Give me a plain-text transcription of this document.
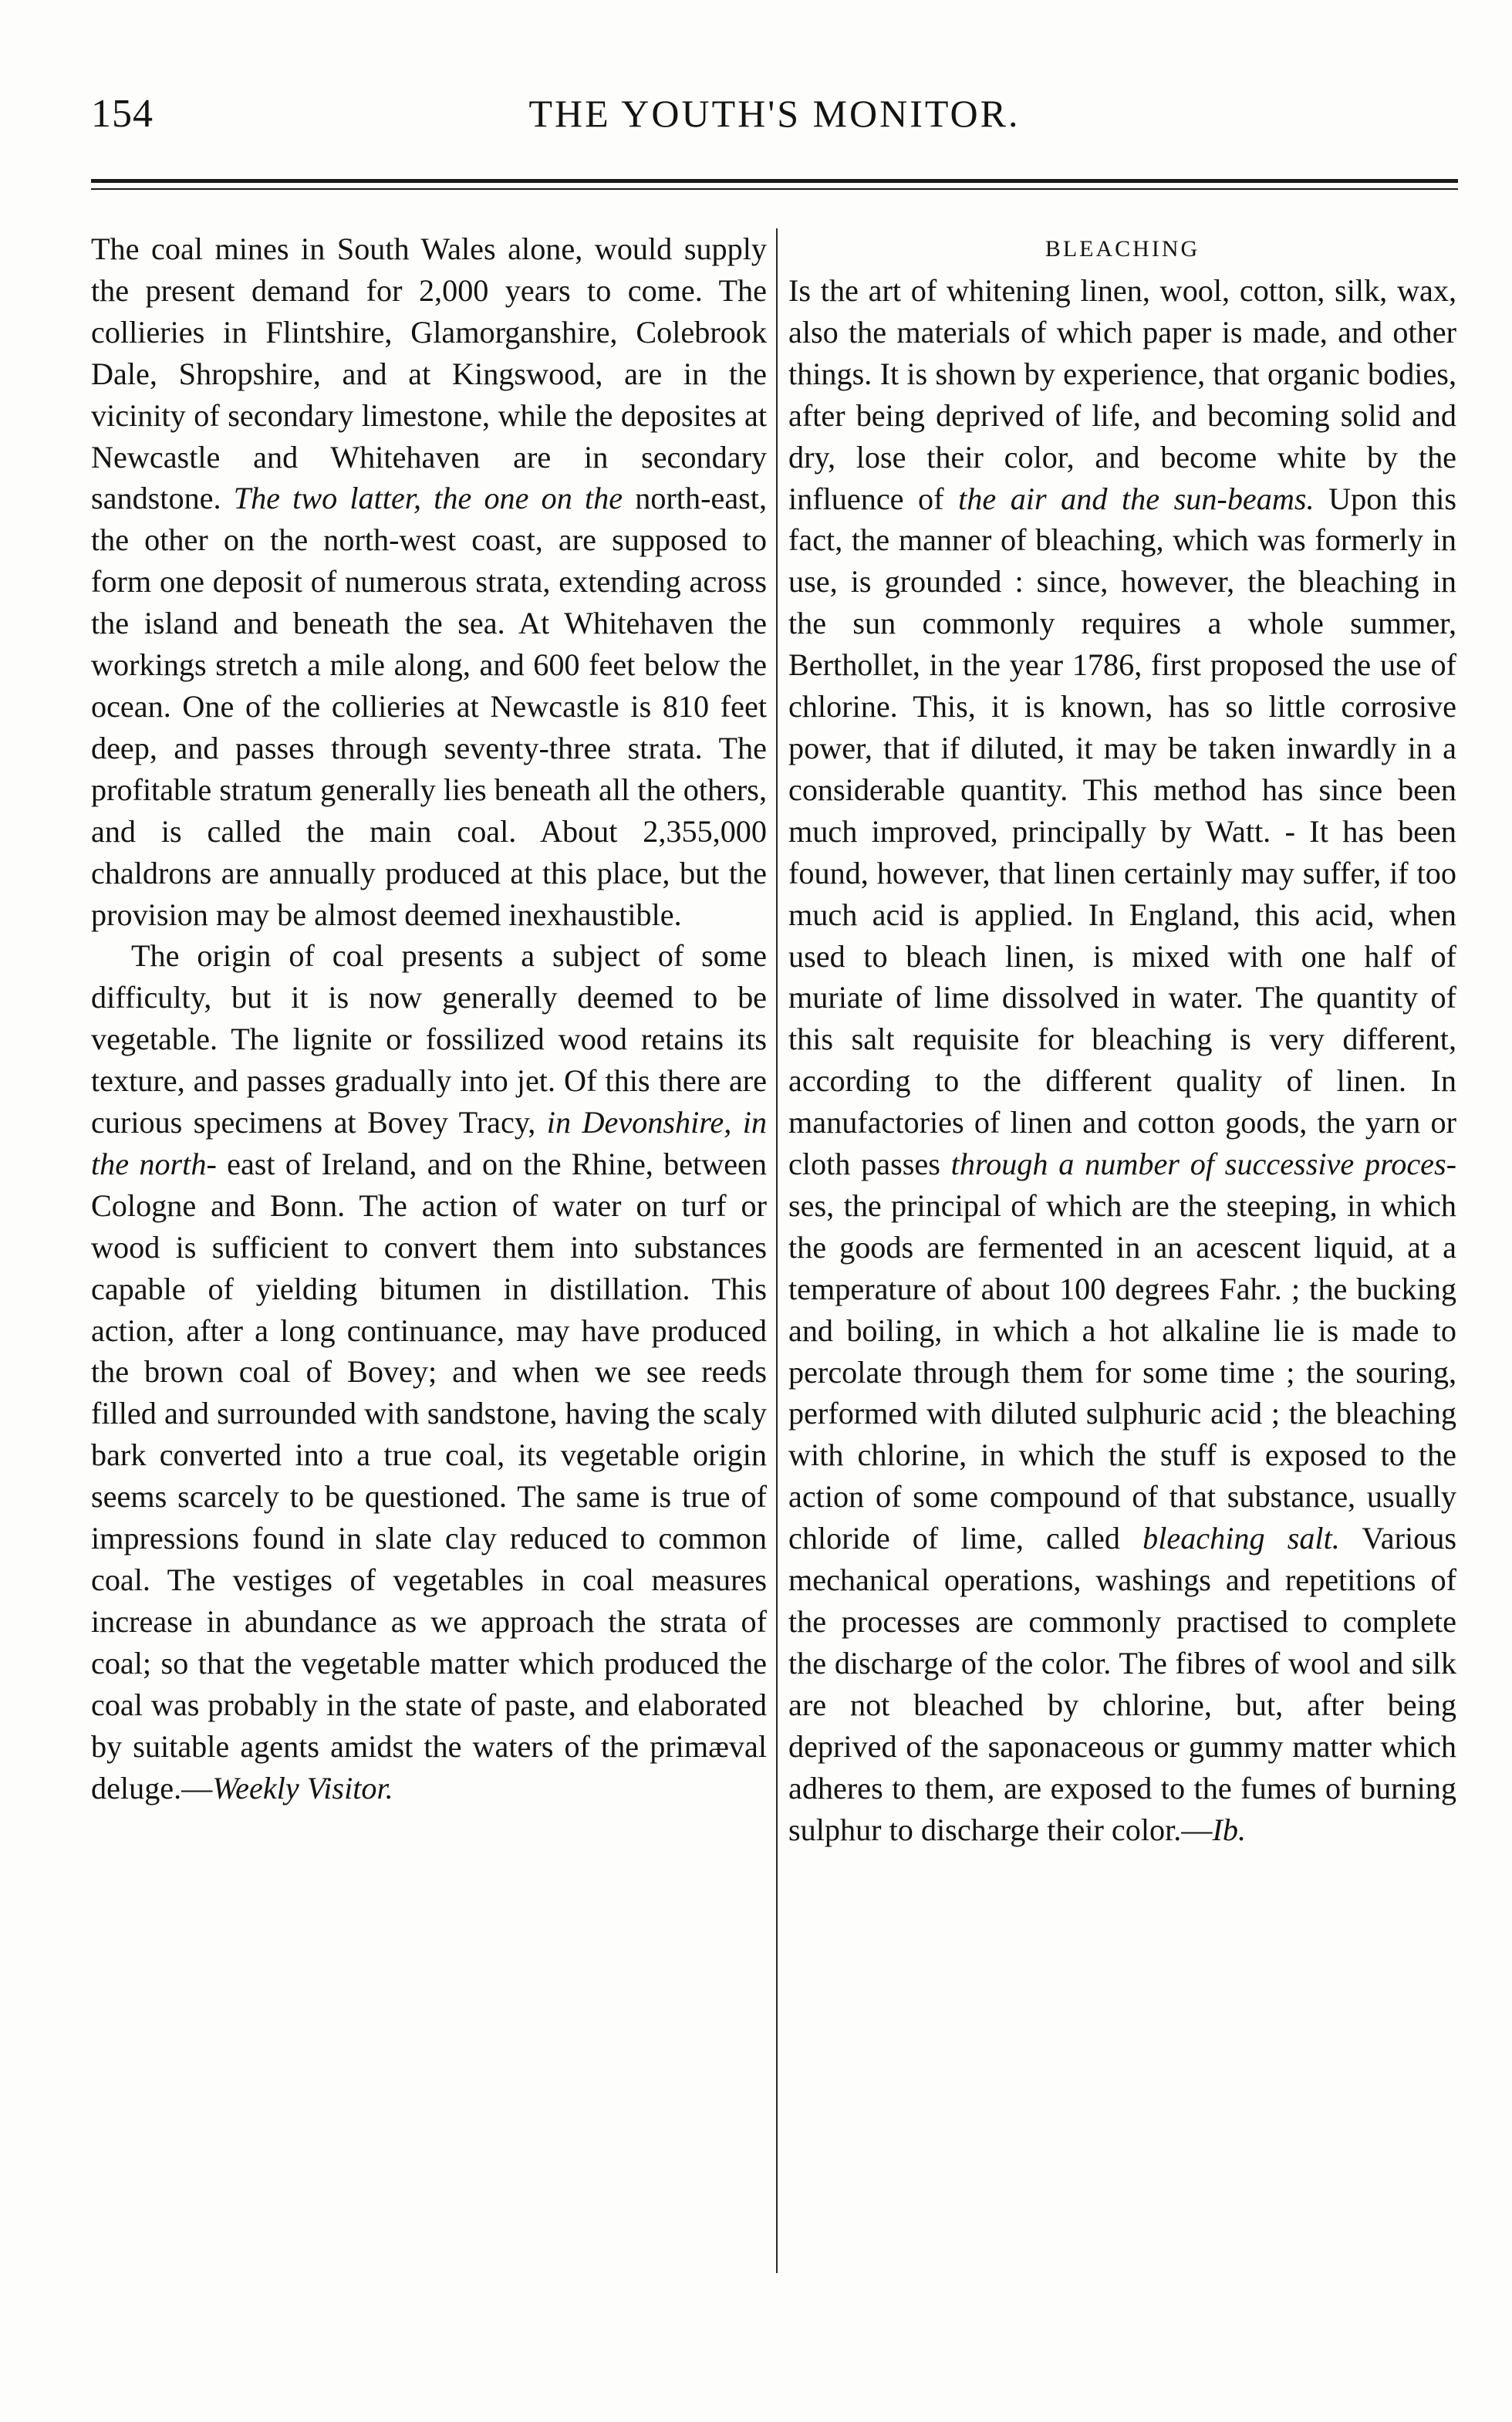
154	THE YOUTH'S MONITOR.

The coal mines in South Wales alone, would supply the present demand for 2,000 years to come. The collieries in Flintshire, Glamorganshire, Colebrook Dale, Shropshire, and at Kingswood, are in the vicinity of secondary limestone, while the deposites at Newcastle and Whitehaven are in secondary sandstone. The two latter, the one on the north-east, the other on the north-west coast, are supposed to form one deposit of numerous strata, extending across the island and beneath the sea. At Whitehaven the workings stretch a mile along, and 600 feet below the ocean. One of the collieries at Newcastle is 810 feet deep, and passes through seventy-three strata. The profitable stratum generally lies beneath all the others, and is called the main coal. About 2,355,000 chaldrons are annually produced at this place, but the provision may be almost deemed inexhaustible.

The origin of coal presents a subject of some difficulty, but it is now generally deemed to be vegetable. The lignite or fossilized wood retains its texture, and passes gradually into jet. Of this there are curious specimens at Bovey Tracy, in Devonshire, in the north- east of Ireland, and on the Rhine, between Cologne and Bonn. The action of water on turf or wood is sufficient to convert them into substances capable of yielding bitumen in distillation. This action, after a long continuance, may have produced the brown coal of Bovey; and when we see reeds filled and surrounded with sandstone, having the scaly bark converted into a true coal, its vegetable origin seems scarcely to be questioned. The same is true of impressions found in slate clay reduced to common coal. The vestiges of vegetables in coal measures increase in abundance as we approach the strata of coal; so that the vegetable matter which produced the coal was probably in the state of paste, and elaborated by suitable agents amidst the waters of the primæval deluge.—Weekly Visitor.

BLEACHING

Is the art of whitening linen, wool, cotton, silk, wax, also the materials of which paper is made, and other things. It is shown by experience, that organic bodies, after being deprived of life, and becoming solid and dry, lose their color, and become white by the influence of the air and the sun-beams. Upon this fact, the manner of bleaching, which was formerly in use, is grounded : since, however, the bleaching in the sun commonly requires a whole summer, Berthollet, in the year 1786, first proposed the use of chlorine. This, it is known, has so little corrosive power, that if diluted, it may be taken inwardly in a considerable quantity. This method has since been much improved, principally by Watt. - It has been found, however, that linen certainly may suffer, if too much acid is applied. In England, this acid, when used to bleach linen, is mixed with one half of muriate of lime dissolved in water. The quantity of this salt requisite for bleaching is very different, according to the different quality of linen. In manufactories of linen and cotton goods, the yarn or cloth passes through a number of successive proces- ses, the principal of which are the steeping, in which the goods are fermented in an acescent liquid, at a temperature of about 100 degrees Fahr. ; the bucking and boiling, in which a hot alkaline lie is made to percolate through them for some time ; the souring, performed with diluted sulphuric acid ; the bleaching with chlorine, in which the stuff is exposed to the action of some compound of that substance, usually chloride of lime, called bleaching salt. Various mechanical operations, washings and repetitions of the processes are commonly practised to complete the discharge of the color. The fibres of wool and silk are not bleached by chlorine, but, after being deprived of the saponaceous or gummy matter which adheres to them, are exposed to the fumes of burning sulphur to discharge their color.—Ib.
